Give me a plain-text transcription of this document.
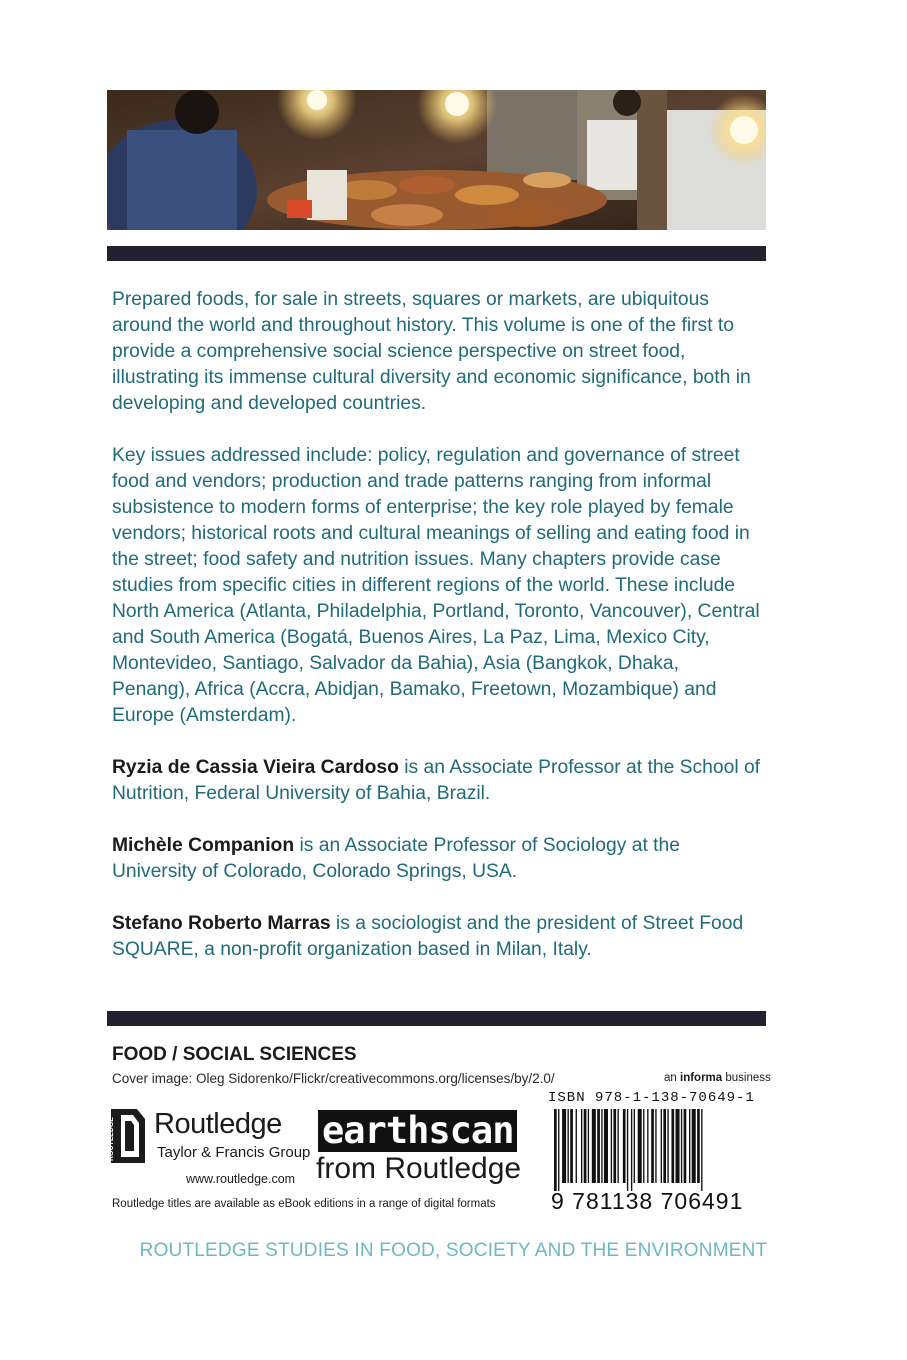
Prepared foods, for sale in streets, squares or markets, are ubiquitous around the world and throughout history. This volume is one of the first to provide a comprehensive social science perspective on street food, illustrating its immense cultural diversity and economic significance, both in developing and developed countries.

Key issues addressed include: policy, regulation and governance of street food and vendors; production and trade patterns ranging from informal subsistence to modern forms of enterprise; the key role played by female vendors; historical roots and cultural meanings of selling and eating food in the street; food safety and nutrition issues. Many chapters provide case studies from specific cities in different regions of the world. These include North America (Atlanta, Philadelphia, Portland, Toronto, Vancouver), Central and South America (Bogatá, Buenos Aires, La Paz, Lima, Mexico City, Montevideo, Santiago, Salvador da Bahia), Asia (Bangkok, Dhaka, Penang), Africa (Accra, Abidjan, Bamako, Freetown, Mozambique) and Europe (Amsterdam).

Ryzia de Cassia Vieira Cardoso is an Associate Professor at the School of Nutrition, Federal University of Bahia, Brazil.

Michèle Companion is an Associate Professor of Sociology at the University of Colorado, Colorado Springs, USA.

Stefano Roberto Marras is a sociologist and the president of Street Food SQUARE, a non-profit organization based in Milan, Italy.

FOOD / SOCIAL SCIENCES
Cover image: Oleg Sidorenko/Flickr/creativecommons.org/licenses/by/2.0/	an informa business
ISBN 978-1-138-70649-1
9 781138 706491
ROUTLEDGE Routledge
Taylor & Francis Group
www.routledge.com
earthscan
from Routledge
Routledge titles are available as eBook editions in a range of digital formats
ROUTLEDGE STUDIES IN FOOD, SOCIETY AND THE ENVIRONMENT
